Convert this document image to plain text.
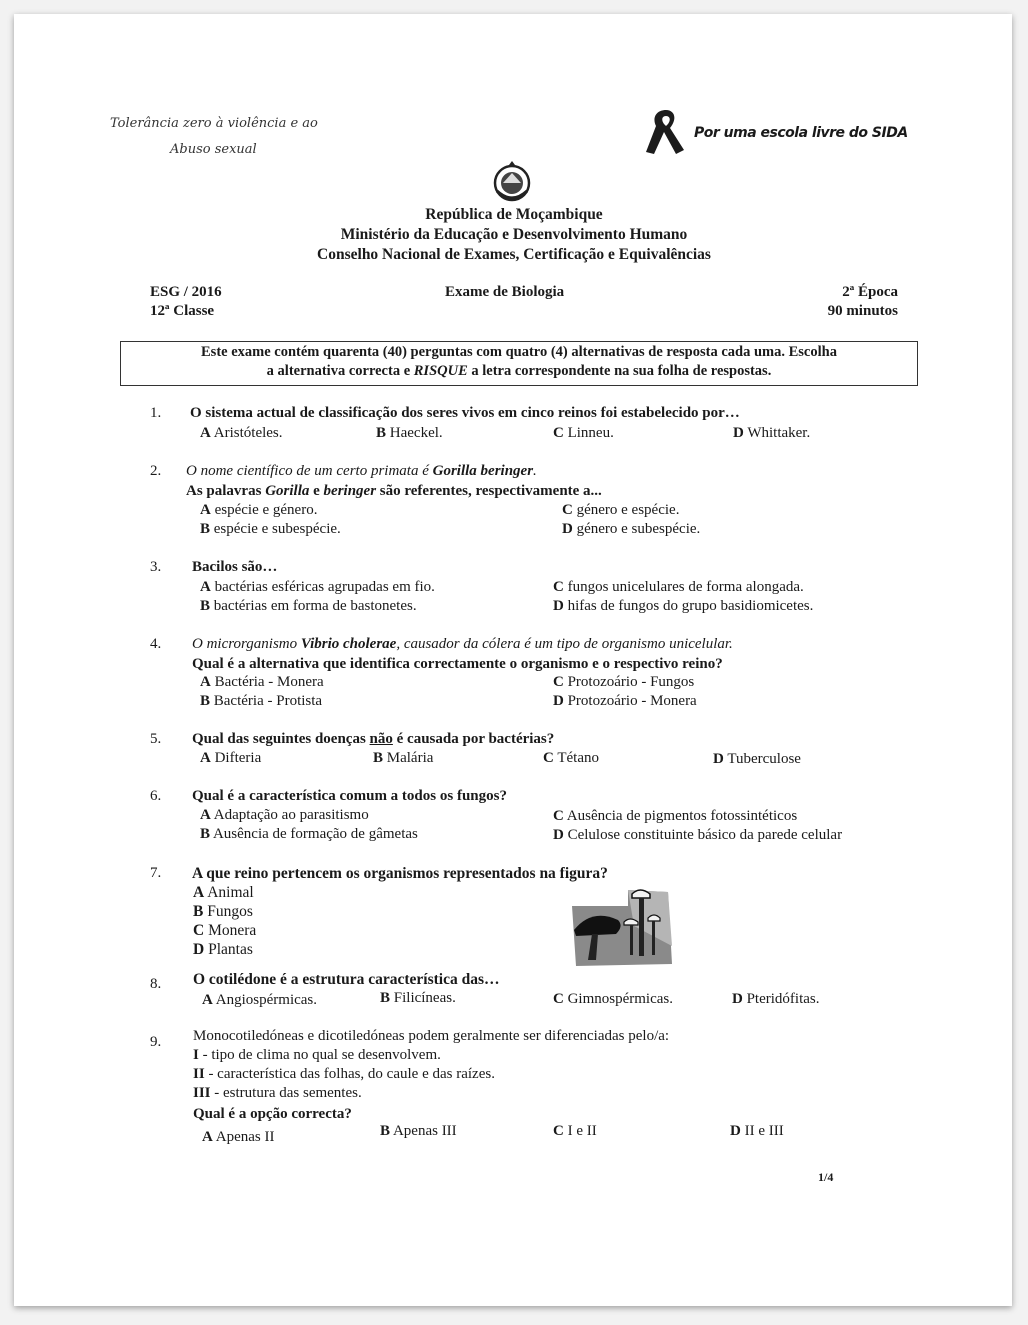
Tolerância zero à violência e ao
Abuso sexual
Por uma escola livre do SIDA
República de Moçambique
Ministério da Educação e Desenvolvimento Humano
Conselho Nacional de Exames, Certificação e Equivalências
ESG / 2016
12ª Classe
Exame de Biologia	2ª Época
90 minutos
Este exame contém quarenta (40) perguntas com quatro (4) alternativas de resposta cada uma. Escolha
a alternativa correcta e RISQUE a letra correspondente na sua folha de respostas.
1. O sistema actual de classificação dos seres vivos em cinco reinos foi estabelecido por…
A Aristóteles.	B Haeckel.	C Linneu.	D Whittaker.
2. O nome científico de um certo primata é Gorilla beringer.
As palavras Gorilla e beringer são referentes, respectivamente a...
A espécie e género.
B espécie e subespécie.
C género e espécie.
D género e subespécie.
3. Bacilos são…
A bactérias esféricas agrupadas em fio.
B bactérias em forma de bastonetes.
C fungos unicelulares de forma alongada.
D hifas de fungos do grupo basidiomicetes.
4. O microrganismo Vibrio cholerae, causador da cólera é um tipo de organismo unicelular.
Qual é a alternativa que identifica correctamente o organismo e o respectivo reino?
A Bactéria - Monera
B Bactéria - Protista
C Protozoário - Fungos
D Protozoário - Monera
5. Qual das seguintes doenças não é causada por bactérias?
A Difteria	B Malária	C Tétano	D Tuberculose
6. Qual é a característica comum a todos os fungos?
A Adaptação ao parasitismo
B Ausência de formação de gâmetas
C Ausência de pigmentos fotossintéticos
D Celulose constituinte básico da parede celular
7. A que reino pertencem os organismos representados na figura?
A Animal
B Fungos
C Monera
D Plantas
8. O cotilédone é a estrutura característica das…
A Angiospérmicas.	B Filicíneas.	C Gimnospérmicas.	D Pteridófitas.
9. Monocotiledóneas e dicotiledóneas podem geralmente ser diferenciadas pelo/a:
I - tipo de clima no qual se desenvolvem.
II - característica das folhas, do caule e das raízes.
III - estrutura das sementes.
Qual é a opção correcta?
A Apenas II	B Apenas III	C I e II	D II e III
1/4
